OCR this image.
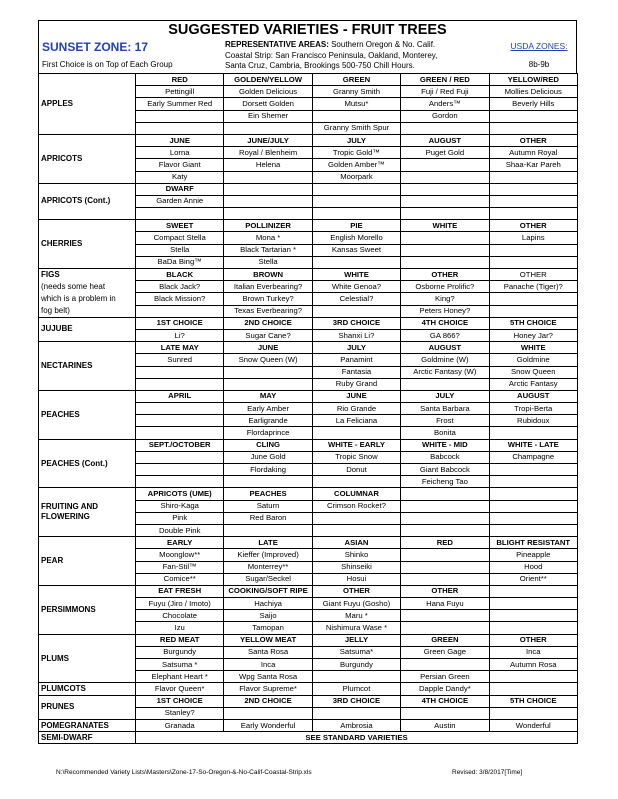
SUGGESTED VARIETIES - FRUIT TREES
SUNSET ZONE: 17
First Choice is on Top of Each Group
REPRESENTATIVE AREAS: Southern Oregon & No. Calif.
Coastal Strip: San Francisco Peninsula, Oakland, Monterey,
Santa Cruz, Cambria, Brookings 500-750 Chill Hours.
USDA ZONES:
8b-9b
APPLES	RED	GOLDEN/YELLOW	GREEN	GREEN / RED	YELLOW/RED
	Pettingill	Golden Delicious	Granny Smith	Fuji / Red Fuji	Mollies Delicious
	Early Summer Red	Dorsett Golden	Mutsu*	Anders™	Beverly Hills
		Ein Shemer		Gordon	
			Granny Smith Spur		
APRICOTS	JUNE	JUNE/JULY	JULY	AUGUST	OTHER
	Lorna	Royal / Blenheim	Tropic Gold™	Puget Gold	Autumn Royal
	Flavor Giant	Helena	Golden Amber™		Shaa-Kar Pareh
	Katy		Moorpark		
APRICOTS (Cont.)	DWARF				
	Garden Annie				

CHERRIES	SWEET	POLLINIZER	PIE	WHITE	OTHER
	Compact Stella	Mona *	English Morello		Lapins
	Stella	Black Tartarian *	Kansas Sweet		
	BaDa Bing™	Stella			
FIGS	BLACK	BROWN	WHITE	OTHER	OTHER
(needs some heat	Black Jack?	Italian Everbearing?	White Genoa?	Osborne Prolific?	Panache (Tiger)?
which is a problem in	Black Mission?	Brown Turkey?	Celestial?	King?	
fog belt)		Texas Everbearing?		Peters Honey?	
JUJUBE	1ST CHOICE	2ND CHOICE	3RD CHOICE	4TH CHOICE	5TH CHOICE
	Li?	Sugar Cane?	Shanxi Li?	GA 866?	Honey Jar?
NECTARINES	LATE MAY	JUNE	JULY	AUGUST	WHITE
	Sunred	Snow Queen (W)	Panamint	Goldmine (W)	Goldmine
			Fantasia	Arctic Fantasy (W)	Snow Queen
			Ruby Grand		Arctic Fantasy
PEACHES	APRIL	MAY	JUNE	JULY	AUGUST
		Early Amber	Rio Grande	Santa Barbara	Tropi-Berta
		Earligrande	La Feliciana	Frost	Rubidoux
		Flordaprince		Bonita	
PEACHES (Cont.)	SEPT./OCTOBER	CLING	WHITE - EARLY	WHITE - MID	WHITE - LATE
		June Gold	Tropic Snow	Babcock	Champagne
		Flordaking	Donut	Giant Babcock	
				Feicheng Tao	
FRUITING AND
FLOWERING	APRICOTS (UME)	PEACHES	COLUMNAR		
	Shiro-Kaga	Saturn	Crimson Rocket?		
	Pink	Red Baron			
	Double Pink				
PEAR	EARLY	LATE	ASIAN	RED	BLIGHT RESISTANT
	Moonglow**	Kieffer (Improved)	Shinko		Pineapple
	Fan-Stil™	Monterrey**	Shinseiki		Hood
	Comice**	Sugar/Seckel	Hosui		Orient**
PERSIMMONS	EAT FRESH	COOKING/SOFT RIPE	OTHER	OTHER	
	Fuyu (Jiro / Imoto)	Hachiya	Giant Fuyu (Gosho)	Hana Fuyu	
	Chocolate	Saijo	Maru *		
	Izu	Tamopan	Nishimura Wase *		
PLUMS	RED MEAT	YELLOW MEAT	JELLY	GREEN	OTHER
	Burgundy	Santa Rosa	Satsuma*	Green Gage	Inca
	Satsuma *	Inca	Burgundy		Autumn Rosa
	Elephant Heart *	Wpg Santa Rosa		Persian Green	
PLUMCOTS	Flavor Queen*	Flavor Supreme*	Plumcot	Dapple Dandy*	
PRUNES	1ST CHOICE	2ND CHOICE	3RD CHOICE	4TH CHOICE	5TH CHOICE
	Stanley?				
POMEGRANATES	Granada	Early Wonderful	Ambrosia	Austin	Wonderful
SEMI-DWARF	SEE STANDARD VARIETIES				
N:\Recommended Variety Lists\Masters\Zone-17-So-Oregon-&-No-Calif-Coastal-Strip.xls	Revised: 3/8/2017[Time]
